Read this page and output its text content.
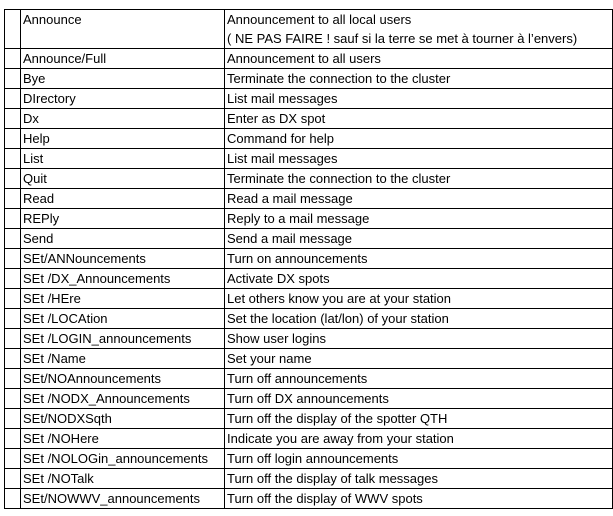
	Announce	Announcement to all local users
( NE PAS FAIRE ! sauf si la terre se met à tourner à l’envers)

	Announce/Full	Announcement to all users
	Bye	Terminate the connection to the cluster
	DIrectory	List mail messages
	Dx	Enter as DX spot
	Help	Command for help
	List	List mail messages
	Quit	Terminate the connection to the cluster
	Read	Read a mail message
	REPly	Reply to a mail message
	Send	Send a mail message
	SEt/ANNouncements	Turn on announcements
	SEt /DX_Announcements	Activate DX spots
	SEt /HEre	Let others know you are at your station
	SEt /LOCAtion	Set the location (lat/lon) of your station
	SEt /LOGIN_announcements	Show user logins
	SEt /Name	Set your name
	SEt/NOAnnouncements	Turn off announcements
	SEt /NODX_Announcements	Turn off DX announcements
	SEt/NODXSqth	Turn off the display of the spotter QTH
	SEt /NOHere	Indicate you are away from your station
	SEt /NOLOGin_announcements	Turn off login announcements
	SEt /NOTalk	Turn off the display of talk messages
	SEt/NOWWV_announcements	Turn off the display of WWV spots
